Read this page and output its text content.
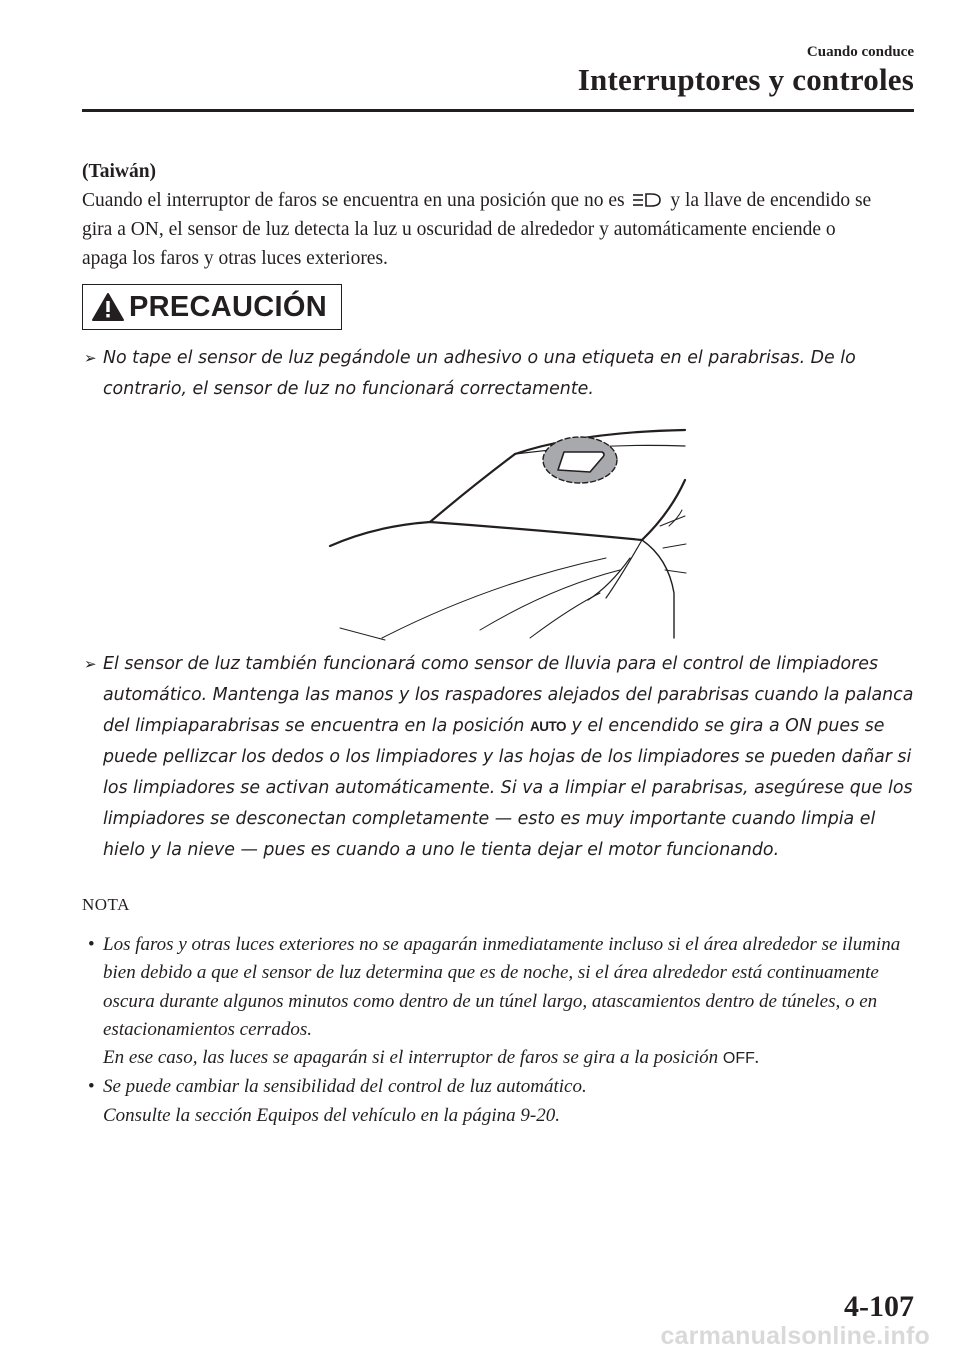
Cuando conduce
Interruptores y controles
(Taiwán)
Cuando el interruptor de faros se encuentra en una posición que no es y la llave de encendido se gira a ON, el sensor de luz detecta la luz u oscuridad de alrededor y automáticamente enciende o apaga los faros y otras luces exteriores.
PRECAUCIÓN
➢ No tape el sensor de luz pegándole un adhesivo o una etiqueta en el parabrisas. De lo contrario, el sensor de luz no funcionará correctamente.
➢ El sensor de luz también funcionará como sensor de lluvia para el control de limpiadores automático. Mantenga las manos y los raspadores alejados del parabrisas cuando la palanca del limpiaparabrisas se encuentra en la posición AUTO y el encendido se gira a ON pues se puede pellizcar los dedos o los limpiadores y las hojas de los limpiadores se pueden dañar si los limpiadores se activan automáticamente. Si va a limpiar el parabrisas, asegúrese que los limpiadores se desconectan completamente — esto es muy importante cuando limpia el hielo y la nieve — pues es cuando a uno le tienta dejar el motor funcionando.
NOTA
• Los faros y otras luces exteriores no se apagarán inmediatamente incluso si el área alrededor se ilumina bien debido a que el sensor de luz determina que es de noche, si el área alrededor está continuamente oscura durante algunos minutos como dentro de un túnel largo, atascamientos dentro de túneles, o en estacionamientos cerrados.
En ese caso, las luces se apagarán si el interruptor de faros se gira a la posición OFF.
• Se puede cambiar la sensibilidad del control de luz automático.
Consulte la sección Equipos del vehículo en la página 9-20.
4-107
carmanualsonline.info
